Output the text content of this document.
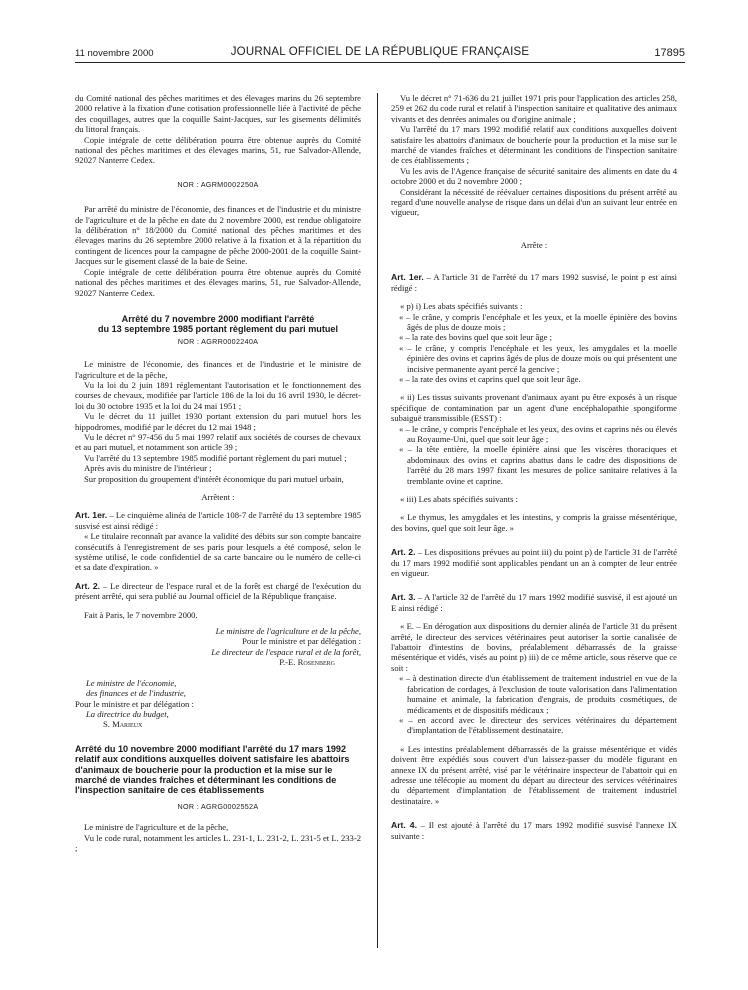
11 novembre 2000	JOURNAL OFFICIEL DE LA RÉPUBLIQUE FRANÇAISE	17895

du Comité national des pêches maritimes et des élevages marins du 26 septembre 2000 relative à la fixation d'une cotisation professionnelle liée à l'activité de pêche des coquillages, autres que la coquille Saint-Jacques, sur les gisements délimités du littoral français.

Copie intégrale de cette délibération pourra être obtenue auprès du Comité national des pêches maritimes et des élevages marins, 51, rue Salvador-Allende, 92027 Nanterre Cedex.

NOR : AGRM0002250A

Par arrêté du ministre de l'économie, des finances et de l'industrie et du ministre de l'agriculture et de la pêche en date du 2 novembre 2000, est rendue obligatoire la délibération n° 18/2000 du Comité national des pêches maritimes et des élevages marins du 26 septembre 2000 relative à la fixation et à la répartition du contingent de licences pour la campagne de pêche 2000-2001 de la coquille Saint-Jacques sur le gisement classé de la baie de Seine.

Copie intégrale de cette délibération pourra être obtenue auprès du Comité national des pêches maritimes et des élevages marins, 51, rue Salvador-Allende, 92027 Nanterre Cedex.

Arrêté du 7 novembre 2000 modifiant l'arrêté
du 13 septembre 1985 portant règlement du pari mutuel
NOR : AGRR0002240A

Le ministre de l'économie, des finances et de l'industrie et le ministre de l'agriculture et de la pêche,

Vu la loi du 2 juin 1891 réglementant l'autorisation et le fonctionnement des courses de chevaux, modifiée par l'article 186 de la loi du 16 avril 1930, le décret-loi du 30 octobre 1935 et la loi du 24 mai 1951 ;

Vu le décret du 11 juillet 1930 portant extension du pari mutuel hors les hippodromes, modifié par le décret du 12 mai 1948 ;

Vu le décret n° 97-456 du 5 mai 1997 relatif aux sociétés de courses de chevaux et au pari mutuel, et notamment son article 39 ;

Vu l'arrêté du 13 septembre 1985 modifié portant règlement du pari mutuel ;

Après avis du ministre de l'intérieur ;

Sur proposition du groupement d'intérêt économique du pari mutuel urbain,

Arrêtent :

Art. 1er. – Le cinquième alinéa de l'article 108-7 de l'arrêté du 13 septembre 1985 susvisé est ainsi rédigé :

« Le titulaire reconnaît par avance la validité des débits sur son compte bancaire consécutifs à l'enregistrement de ses paris pour lesquels a été composé, selon le système utilisé, le code confidentiel de sa carte bancaire ou le numéro de celle-ci et sa date d'expiration. »

Art. 2. – Le directeur de l'espace rural et de la forêt est chargé de l'exécution du présent arrêté, qui sera publié au Journal officiel de la République française.

Fait à Paris, le 7 novembre 2000.

Le ministre de l'agriculture et de la pêche,

Pour le ministre et par délégation :

Le directeur de l'espace rural et de la forêt,

P.-E. Rosenberg

Le ministre de l'économie,

des finances et de l'industrie,

Pour le ministre et par délégation :

La directrice du budget,

S. Marieux

Arrêté du 10 novembre 2000 modifiant l'arrêté du 17 mars 1992 relatif aux conditions auxquelles doivent satisfaire les abattoirs d'animaux de boucherie pour la production et la mise sur le marché de viandes fraîches et déterminant les conditions de l'inspection sanitaire de ces établissements
NOR : AGRG0002552A

Le ministre de l'agriculture et de la pêche,

Vu le code rural, notamment les articles L. 231-1, L. 231-2, L. 231-5 et L. 233-2 ;

Vu le décret n° 71-636 du 21 juillet 1971 pris pour l'application des articles 258, 259 et 262 du code rural et relatif à l'inspection sanitaire et qualitative des animaux vivants et des denrées animales ou d'origine animale ;

Vu l'arrêté du 17 mars 1992 modifié relatif aux conditions auxquelles doivent satisfaire les abattoirs d'animaux de boucherie pour la production et la mise sur le marché de viandes fraîches et déterminant les conditions de l'inspection sanitaire de ces établissements ;

Vu les avis de l'Agence française de sécurité sanitaire des aliments en date du 4 octobre 2000 et du 2 novembre 2000 ;

Considérant la nécessité de réévaluer certaines dispositions du présent arrêté au regard d'une nouvelle analyse de risque dans un délai d'un an suivant leur entrée en vigueur,

Arrête :

Art. 1er. – A l'article 31 de l'arrêté du 17 mars 1992 susvisé, le point p est ainsi rédigé :

« p) i) Les abats spécifiés suivants :

« – le crâne, y compris l'encéphale et les yeux, et la moelle épinière des bovins âgés de plus de douze mois ;

« – la rate des bovins quel que soit leur âge ;

« – le crâne, y compris l'encéphale et les yeux, les amygdales et la moelle épinière des ovins et caprins âgés de plus de douze mois ou qui présentent une incisive permanente ayant percé la gencive ;

« – la rate des ovins et caprins quel que soit leur âge.

« ii) Les tissus suivants provenant d'animaux ayant pu être exposés à un risque spécifique de contamination par un agent d'une encéphalopathie spongiforme subaiguë transmissible (ESST) :

« – le crâne, y compris l'encéphale et les yeux, des ovins et caprins nés ou élevés au Royaume-Uni, quel que soit leur âge ;

« – la tête entière, la moelle épinière ainsi que les viscères thoraciques et abdominaux des ovins et caprins abattus dans le cadre des dispositions de l'arrêté du 28 mars 1997 fixant les mesures de police sanitaire relatives à la tremblante ovine et caprine.

« iii) Les abats spécifiés suivants :

« Le thymus, les amygdales et les intestins, y compris la graisse mésentérique, des bovins, quel que soit leur âge. »

Art. 2. – Les dispositions prévues au point iii) du point p) de l'article 31 de l'arrêté du 17 mars 1992 modifié sont applicables pendant un an à compter de leur entrée en vigueur.

Art. 3. – A l'article 32 de l'arrêté du 17 mars 1992 modifié susvisé, il est ajouté un E ainsi rédigé :

« E. – En dérogation aux dispositions du dernier alinéa de l'article 31 du présent arrêté, le directeur des services vétérinaires peut autoriser la sortie canalisée de l'abattoir d'intestins de bovins, préalablement débarrassés de la graisse mésentérique et vidés, visés au point p) iii) de ce même article, sous réserve que ce soit :

« – à destination directe d'un établissement de traitement industriel en vue de la fabrication de cordages, à l'exclusion de toute valorisation dans l'alimentation humaine et animale, la fabrication d'engrais, de produits cosmétiques, de médicaments et de dispositifs médicaux ;

« – en accord avec le directeur des services vétérinaires du département d'implantation de l'établissement destinataire.

« Les intestins préalablement débarrassés de la graisse mésentérique et vidés doivent être expédiés sous couvert d'un laissez-passer du modèle figurant en annexe IX du présent arrêté, visé par le vétérinaire inspecteur de l'abattoir qui en adresse une télécopie au moment du départ au directeur des services vétérinaires du département d'implantation de l'établissement de traitement industriel destinataire. »

Art. 4. – Il est ajouté à l'arrêté du 17 mars 1992 modifié susvisé l'annexe IX suivante :
